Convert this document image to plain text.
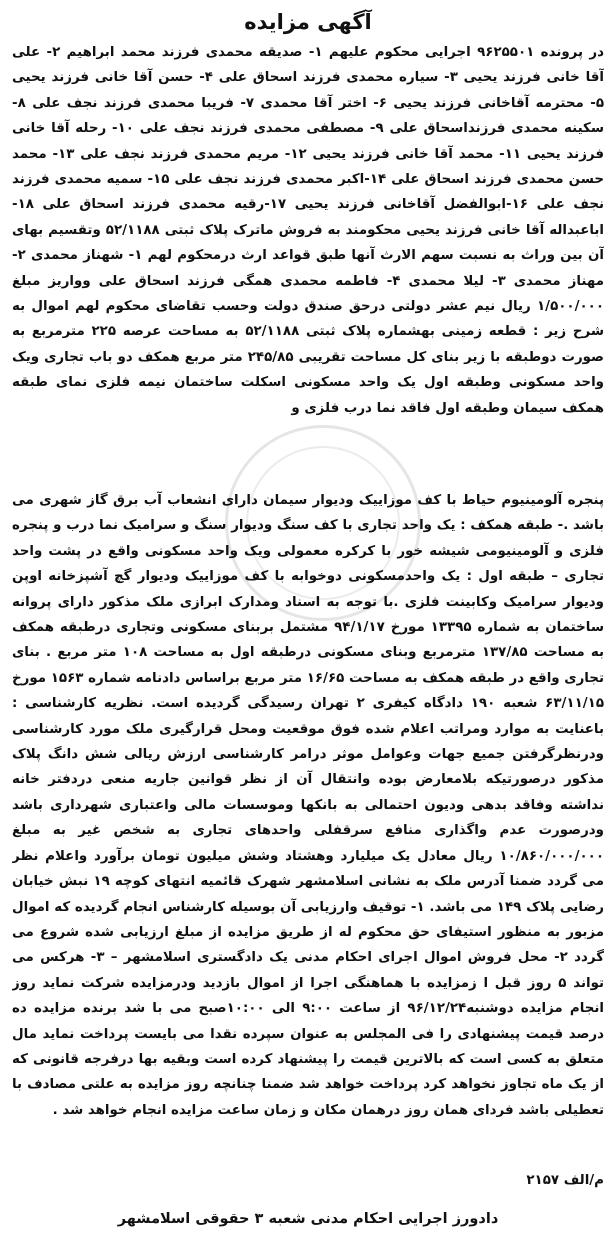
آگهی مزایده

در پرونده ۹۶۲۵۵۰۱ اجرایی محکوم علیهم ۱- صدیقه محمدی فرزند محمد ابراهیم ۲- علی آقا خانی فرزند یحیی ۳- سیاره محمدی فرزند اسحاق علی ۴- حسن آقا خانی فرزند یحیی ۵- محترمه آقاخانی فرزند یحیی ۶- اختر آقا محمدی ۷- فریبا محمدی فرزند نجف علی ۸- سکینه محمدی فرزنداسحاق علی ۹- مصطفی محمدی فرزند نجف علی ۱۰- رحله آقا خانی فرزند یحیی ۱۱- محمد آقا خانی فرزند یحیی ۱۲- مریم محمدی فرزند نجف علی ۱۳- محمد حسن محمدی فرزند اسحاق علی ۱۴-اکبر محمدی فرزند نجف علی ۱۵- سمیه محمدی فرزند نجف علی ۱۶-ابوالفضل آقاخانی فرزند یحیی ۱۷-رقیه محمدی فرزند اسحاق علی ۱۸-اباعبداله آقا خانی فرزند یحیی محکومند به فروش ماترک پلاک ثبتی ۵۲/۱۱۸۸ وتقسیم بهای آن بین وراث به نسبت سهم الارث آنها طبق قواعد ارث درمحکوم لهم ۱- شهناز محمدی ۲-مهناز محمدی ۳- لیلا محمدی ۴- فاطمه محمدی همگی فرزند اسحاق علی وواریز مبلغ ۱/۵۰۰/۰۰۰ ریال نیم عشر دولتی درحق صندق دولت وحسب تقاضای محکوم لهم اموال به شرح زیر : قطعه زمینی بهشماره پلاک ثبتی ۵۲/۱۱۸۸ به مساحت عرصه ۲۲۵ مترمربع به صورت دوطبقه با زیر بنای کل مساحت تقریبی ۲۴۵/۸۵ متر مربع همکف دو باب تجاری ویک واحد مسکونی وطبقه اول یک واحد مسکونی اسکلت ساختمان نیمه فلزی نمای طبقه همکف سیمان وطبقه اول فاقد نما درب فلزی و

پنجره آلومینیوم حیاط با کف موزاییک ودیوار سیمان دارای انشعاب آب برق گاز شهری می باشد .- طبقه همکف : یک واحد تجاری با کف سنگ ودیوار سنگ و سرامیک نما درب و پنجره فلزی و آلومینیومی شیشه خور با کرکره معمولی ویک واحد مسکونی واقع در پشت واحد تجاری – طبقه اول : یک واحدمسکونی دوخوابه با کف موزاییک ودیوار گچ آشپزخانه اوپن ودیوار سرامیک وکابینت فلزی .با توجه به اسناد ومدارک ابرازی ملک مذکور دارای پروانه ساختمان به شماره ۱۳۳۹۵ مورخ ۹۴/۱/۱۷ مشتمل بربنای مسکونی وتجاری درطبقه همکف به مساحت ۱۳۷/۸۵ مترمربع وبنای مسکونی درطبقه اول به مساحت ۱۰۸ متر مربع . بنای تجاری واقع در طبقه همکف به مساحت ۱۶/۶۵ متر مربع براساس دادنامه شماره ۱۵۶۳ مورخ ۶۳/۱۱/۱۵ شعبه ۱۹۰ دادگاه کیفری ۲ تهران رسیدگی گردیده است. نظریه کارشناسی : باعنایت به موارد ومراتب اعلام شده فوق موقعیت ومحل قرارگیری ملک مورد کارشناسی ودرنظرگرفتن جمیع جهات وعوامل موثر درامر کارشناسی ارزش ریالی شش دانگ پلاک مذکور درصورتیکه بلامعارض بوده وانتقال آن از نظر قوانین جاریه منعی دردفتر خانه نداشته وفاقد بدهی ودیون احتمالی به بانکها وموسسات مالی واعتباری شهرداری باشد ودرصورت عدم واگذاری منافع سرقفلی واحدهای تجاری به شخص غیر به مبلغ ۱۰/۸۶۰/۰۰۰/۰۰۰ ریال معادل یک میلیارد وهشتاد وشش میلیون تومان برآورد واعلام نظر می گردد ضمنا آدرس ملک به نشانی اسلامشهر شهرک قائمیه انتهای کوچه ۱۹ نبش خیابان رضایی پلاک ۱۴۹ می باشد. ۱- توقیف وارزیابی آن بوسیله کارشناس انجام گردیده که اموال مزبور به منظور استیفای حق محکوم له از طریق مزایده از مبلغ ارزیابی شده شروع می گردد ۲- محل فروش اموال اجرای احکام مدنی یک دادگستری اسلامشهر – ۳- هرکس می تواند ۵ روز قبل ا زمزایده با هماهنگی اجرا از اموال بازدید ودرمزایده شرکت نماید روز انجام مزایده دوشنبه۹۶/۱۲/۲۴ از ساعت ۹:۰۰ الی ۱۰:۰۰صبح می با شد برنده مزایده ده درصد قیمت پیشنهادی را فی المجلس به عنوان سپرده نقدا می بایست پرداخت نماید مال متعلق به کسی است که بالاترین قیمت را پیشنهاد کرده است وبقیه بها درفرجه قانونی که از یک ماه تجاوز نخواهد کرد پرداخت خواهد شد ضمنا چنانچه روز مزایده به علتی مصادف با تعطیلی باشد فردای همان روز درهمان مکان و زمان ساعت مزایده انجام خواهد شد .

م/الف ۲۱۵۷
دادورز اجرایی احکام مدنی شعبه ۳ حقوقی اسلامشهر
